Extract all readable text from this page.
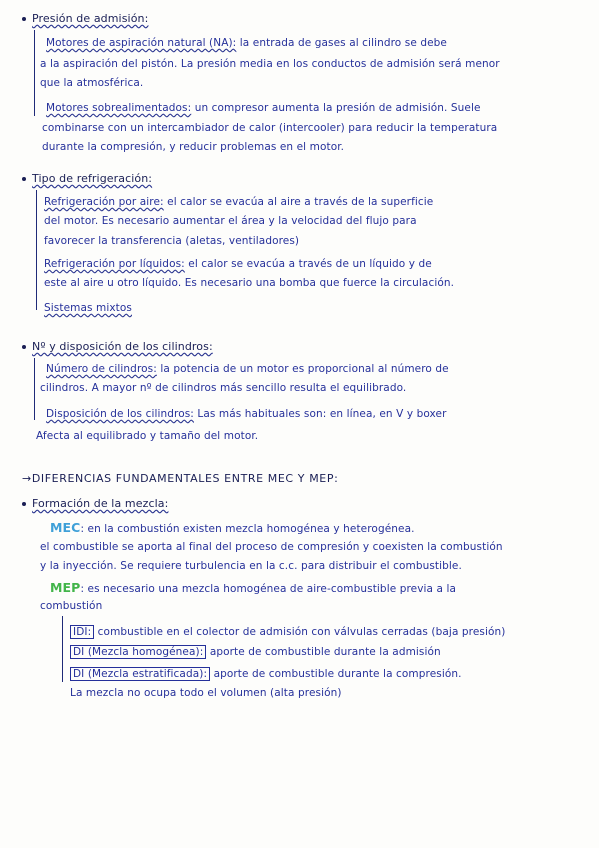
Presión de admisión:
Motores de aspiración natural (NA): la entrada de gases al cilindro se debe
a la aspiración del pistón. La presión media en los conductos de admisión será menor
que la atmosférica.
Motores sobrealimentados: un compresor aumenta la presión de admisión. Suele
combinarse con un intercambiador de calor (intercooler) para reducir la temperatura
durante la compresión, y reducir problemas en el motor.
Tipo de refrigeración:
Refrigeración por aire: el calor se evacúa al aire a través de la superficie
del motor. Es necesario aumentar el área y la velocidad del flujo para
favorecer la transferencia (aletas, ventiladores)
Refrigeración por líquidos: el calor se evacúa a través de un líquido y de
este al aire u otro líquido. Es necesario una bomba que fuerce la circulación.
Sistemas mixtos
Nº y disposición de los cilindros:
Número de cilindros: la potencia de un motor es proporcional al número de
cilindros. A mayor nº de cilindros más sencillo resulta el equilibrado.
Disposición de los cilindros: Las más habituales son: en línea, en V y boxer
Afecta al equilibrado y tamaño del motor.
→DIFERENCIAS FUNDAMENTALES ENTRE MEC Y MEP:
Formación de la mezcla:
MEC: en la combustión existen mezcla homogénea y heterogénea.
el combustible se aporta al final del proceso de compresión y coexisten la combustión
y la inyección. Se requiere turbulencia en la c.c. para distribuir el combustible.
MEP: es necesario una mezcla homogénea de aire-combustible previa a la
combustión
IDI: combustible en el colector de admisión con válvulas cerradas (baja presión)
DI (Mezcla homogénea): aporte de combustible durante la admisión
DI (Mezcla estratificada): aporte de combustible durante la compresión.
La mezcla no ocupa todo el volumen (alta presión)
